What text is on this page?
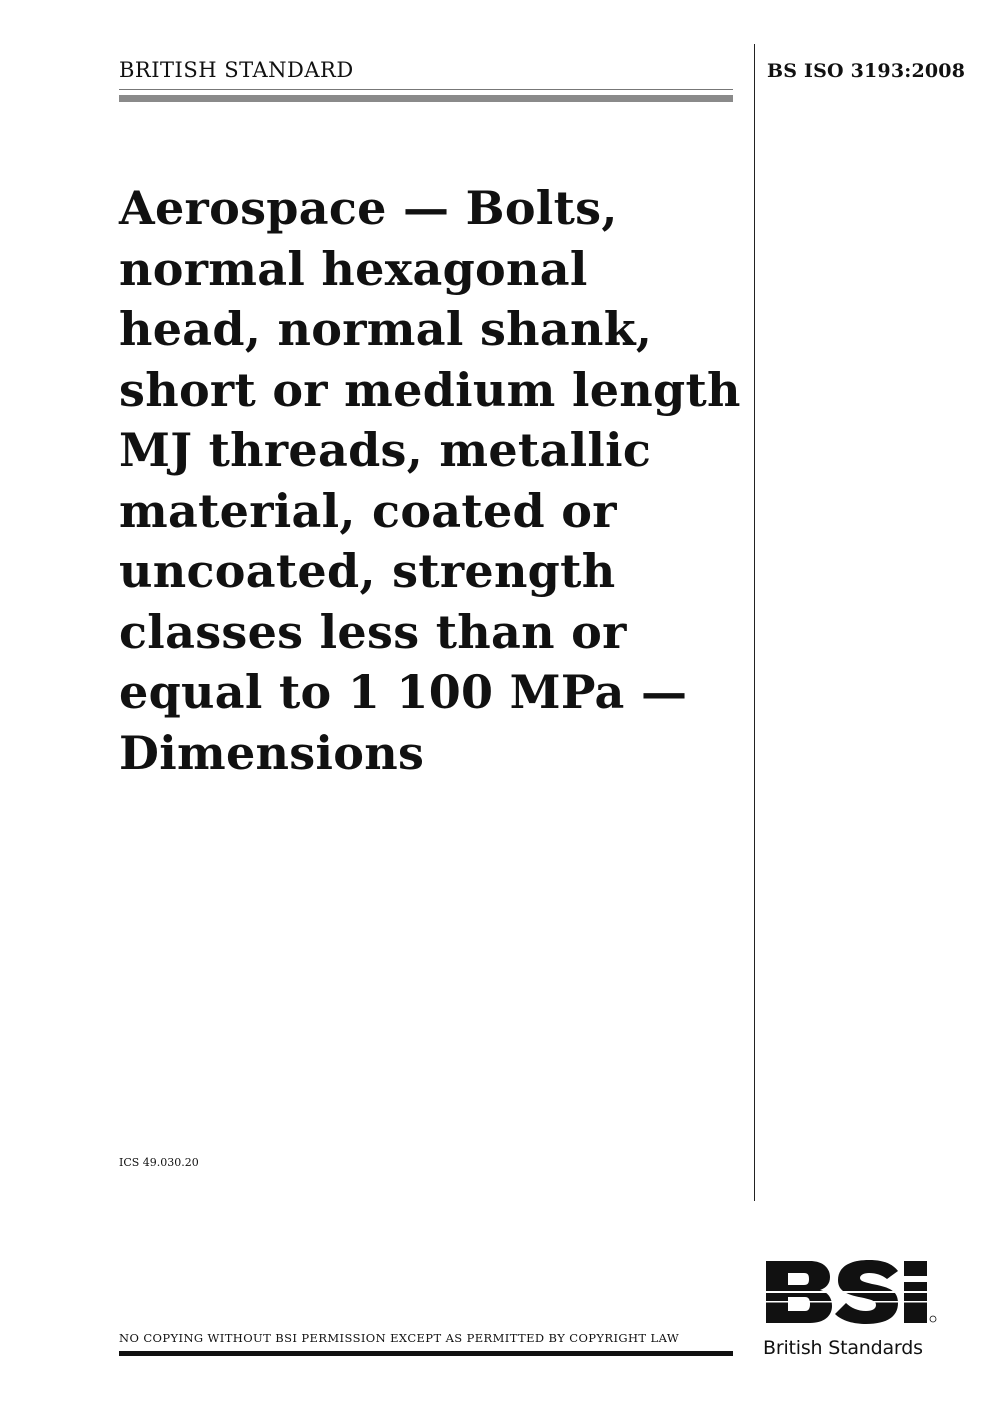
BRITISH STANDARD	BS ISO 3193:2008
Aerospace — Bolts,
normal hexagonal
head, normal shank,
short or medium length
MJ threads, metallic
material, coated or
uncoated, strength
classes less than or
equal to 1 100 MPa —
Dimensions
ICS 49.030.20
NO COPYING WITHOUT BSI PERMISSION EXCEPT AS PERMITTED BY COPYRIGHT LAW	British Standards
